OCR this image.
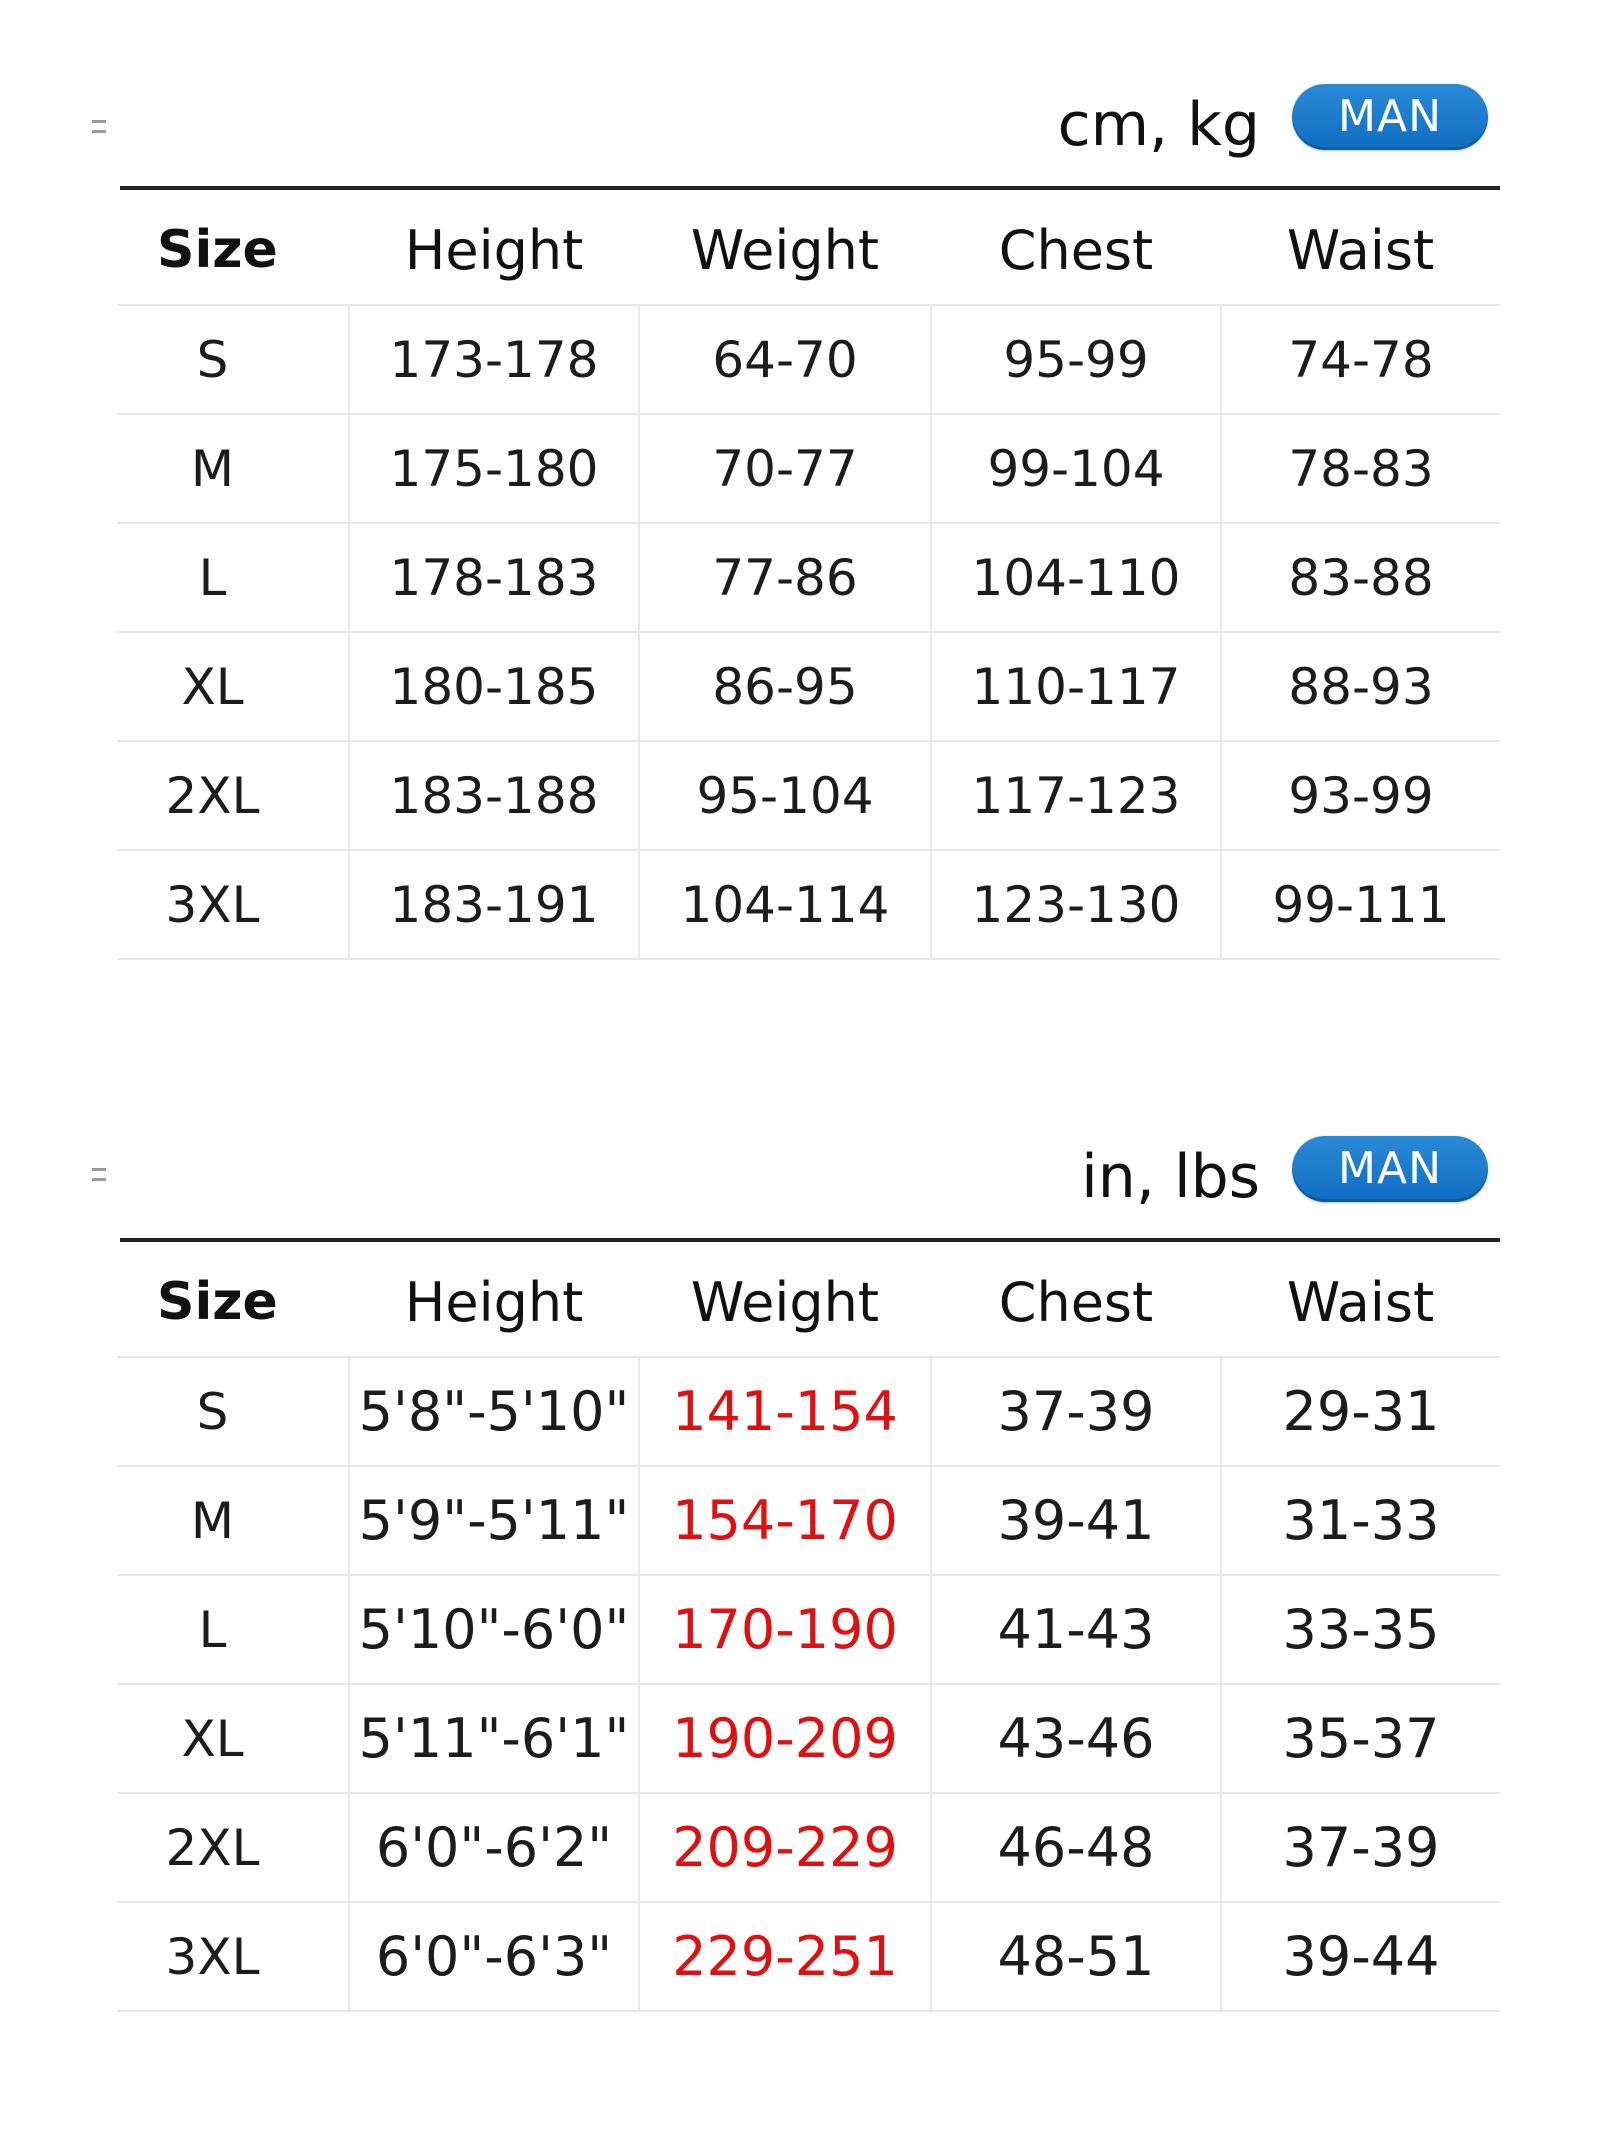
cm, kg	MAN
Size	Height	Weight	Chest	Waist
S	173-178	64-70	95-99	74-78
M	175-180	70-77	99-104	78-83
L	178-183	77-86	104-110	83-88
XL	180-185	86-95	110-117	88-93
2XL	183-188	95-104	117-123	93-99
3XL	183-191	104-114	123-130	99-111
in, lbs	MAN
Size	Height	Weight	Chest	Waist
S	5'8"-5'10"	141-154	37-39	29-31
M	5'9"-5'11"	154-170	39-41	31-33
L	5'10"-6'0"	170-190	41-43	33-35
XL	5'11"-6'1"	190-209	43-46	35-37
2XL	6'0"-6'2"	209-229	46-48	37-39
3XL	6'0"-6'3"	229-251	48-51	39-44
